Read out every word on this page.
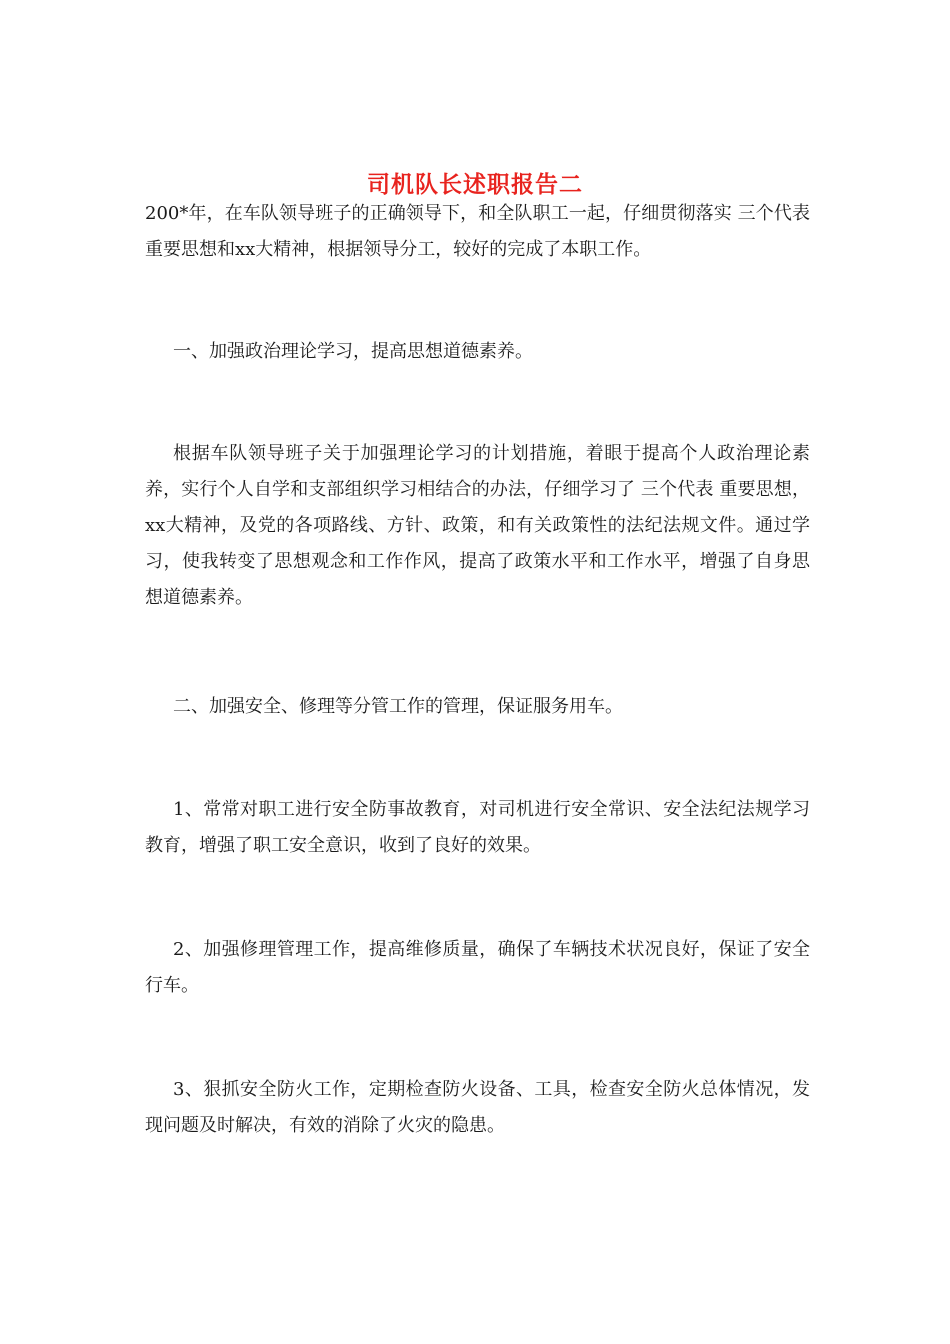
司机队长述职报告二

200*年，在车队领导班子的正确领导下，和全队职工一起，仔细贯彻落实 三个代表 重要思想和xx大精神，根据领导分工，较好的完成了本职工作。

一、加强政治理论学习，提高思想道德素养。

根据车队领导班子关于加强理论学习的计划措施，着眼于提高个人政治理论素养，实行个人自学和支部组织学习相结合的办法，仔细学习了 三个代表 重要思想，xx大精神，及党的各项路线、方针、政策，和有关政策性的法纪法规文件。通过学习，使我转变了思想观念和工作作风，提高了政策水平和工作水平，增强了自身思想道德素养。

二、加强安全、修理等分管工作的管理，保证服务用车。

1、常常对职工进行安全防事故教育，对司机进行安全常识、安全法纪法规学习教育，增强了职工安全意识，收到了良好的效果。

2、加强修理管理工作，提高维修质量，确保了车辆技术状况良好，保证了安全行车。

3、狠抓安全防火工作，定期检查防火设备、工具，检查安全防火总体情况，发现问题及时解决，有效的消除了火灾的隐患。
